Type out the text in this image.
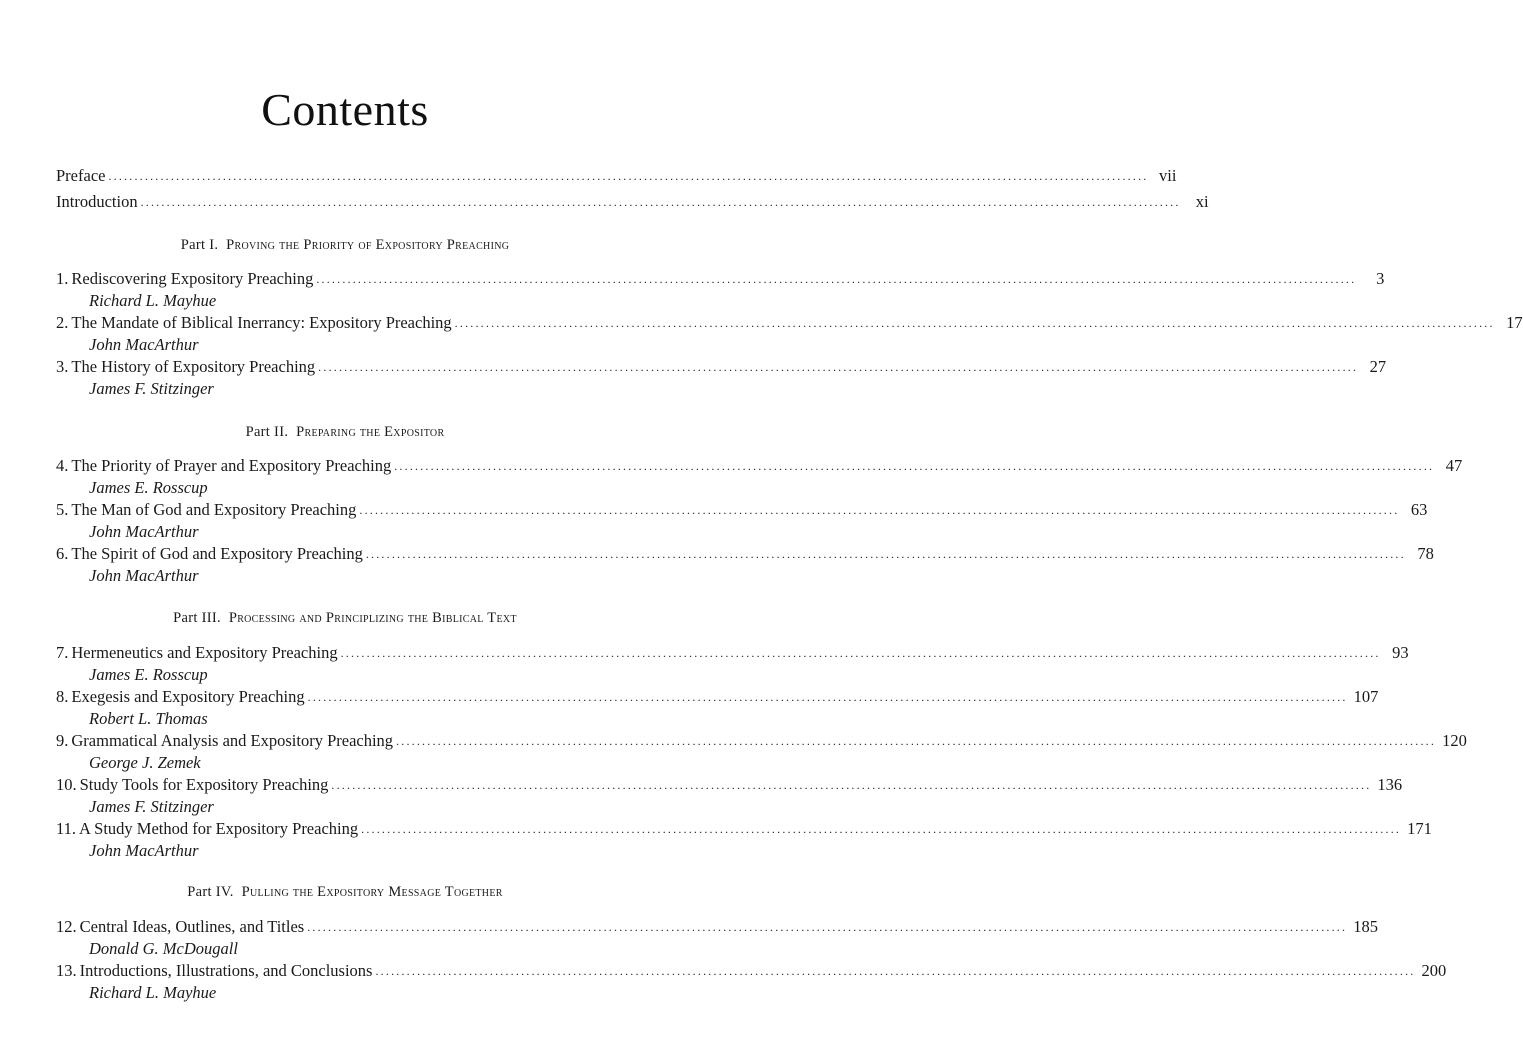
Contents
Preface ........................................................................................................................................................................................................ vii
Introduction ........................................................................................................................................................................................................ xi
Part I. Proving the Priority of Expository Preaching
1. Rediscovering Expository Preaching ........................................................................................................................................................................................................	3
Richard L. Mayhue
2. The Mandate of Biblical Inerrancy: Expository Preaching ........................................................................................................................................................................................................ 17
John MacArthur
3. The History of Expository Preaching ........................................................................................................................................................................................................ 27
James F. Stitzinger
Part II. Preparing the Expositor
4. The Priority of Prayer and Expository Preaching ........................................................................................................................................................................................................ 47
James E. Rosscup
5. The Man of God and Expository Preaching ........................................................................................................................................................................................................ 63
John MacArthur
6. The Spirit of God and Expository Preaching ........................................................................................................................................................................................................ 78
John MacArthur
Part III. Processing and Principlizing the Biblical Text
7. Hermeneutics and Expository Preaching ........................................................................................................................................................................................................ 93
James E. Rosscup
8. Exegesis and Expository Preaching ........................................................................................................................................................................................................ 107
Robert L. Thomas
9. Grammatical Analysis and Expository Preaching ........................................................................................................................................................................................................ 120
George J. Zemek
10. Study Tools for Expository Preaching ........................................................................................................................................................................................................ 136
James F. Stitzinger
11. A Study Method for Expository Preaching ........................................................................................................................................................................................................ 171
John MacArthur
Part IV. Pulling the Expository Message Together
12. Central Ideas, Outlines, and Titles ........................................................................................................................................................................................................ 185
Donald G. McDougall
13. Introductions, Illustrations, and Conclusions ........................................................................................................................................................................................................ 200
Richard L. Mayhue
